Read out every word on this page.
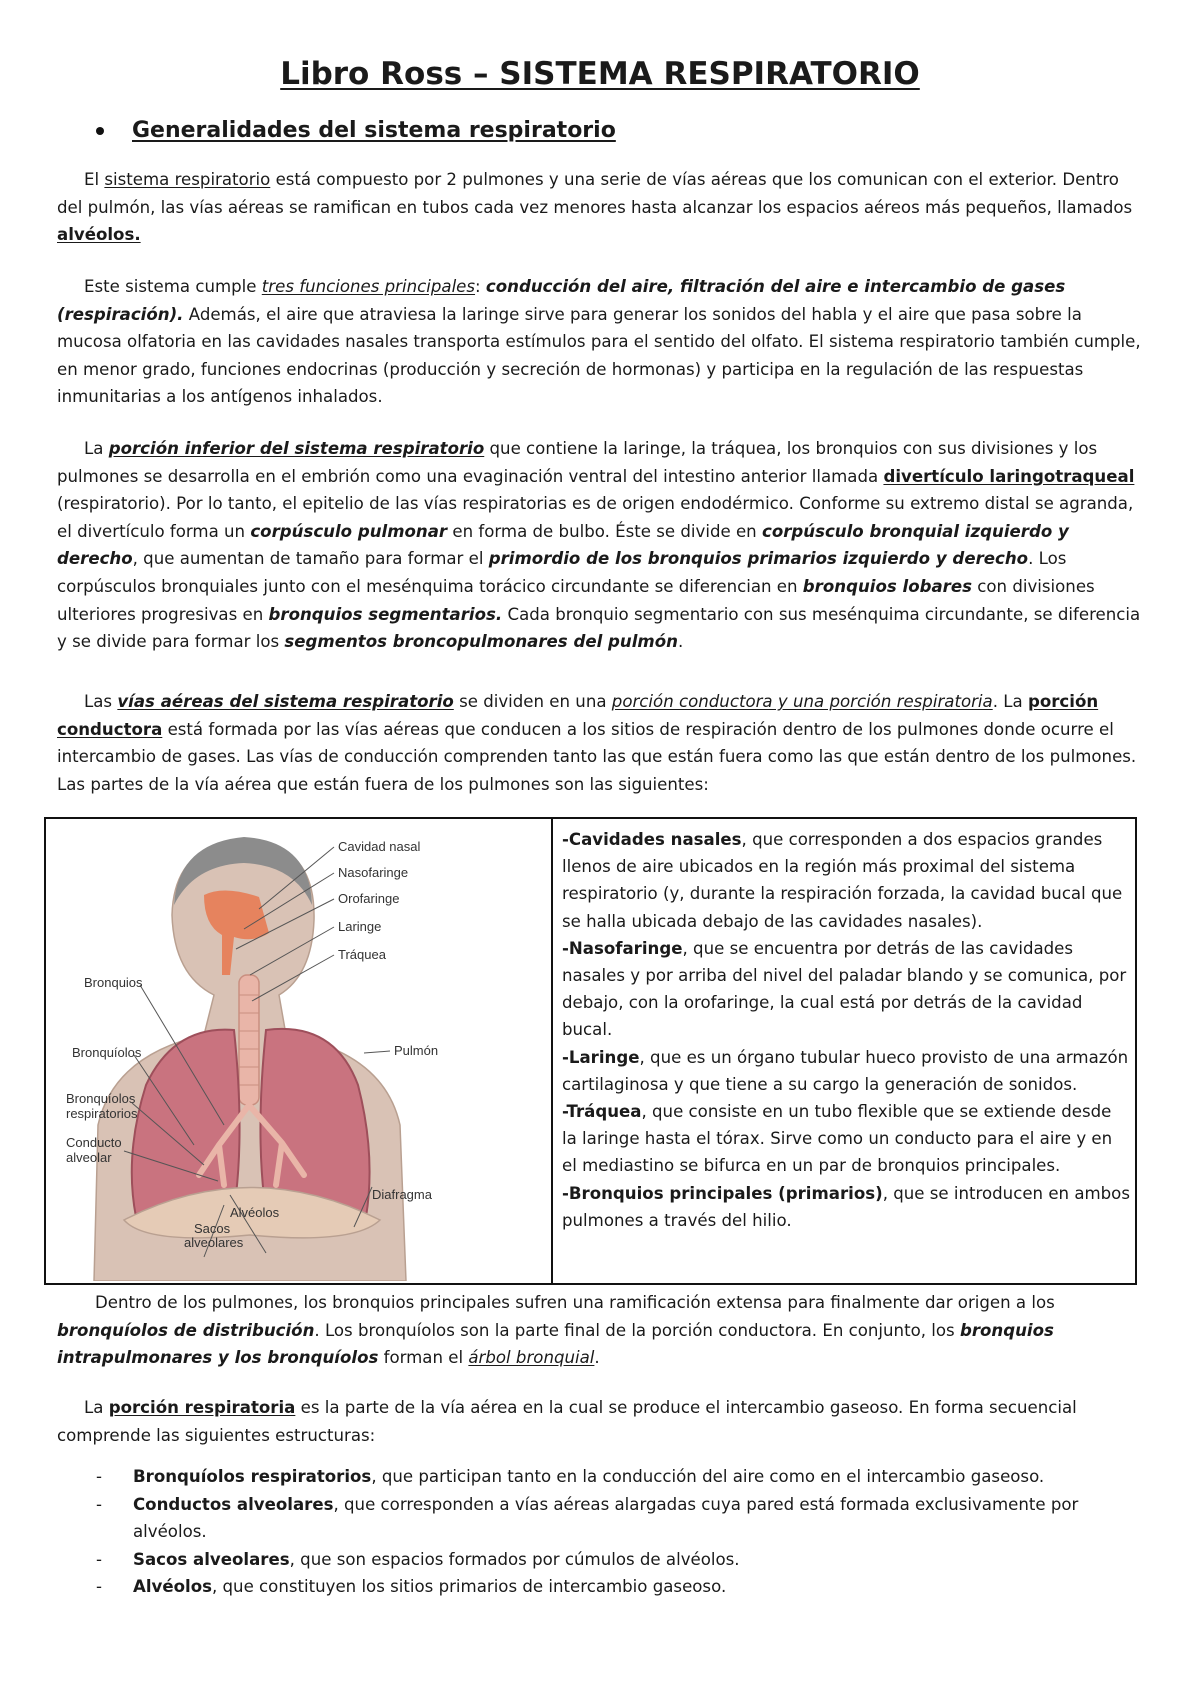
Libro Ross – SISTEMA RESPIRATORIO
Generalidades del sistema respiratorio

El sistema respiratorio está compuesto por 2 pulmones y una serie de vías aéreas que los comunican con el exterior. Dentro del pulmón, las vías aéreas se ramifican en tubos cada vez menores hasta alcanzar los espacios aéreos más pequeños, llamados alvéolos.

Este sistema cumple tres funciones principales: conducción del aire, filtración del aire e intercambio de gases (respiración). Además, el aire que atraviesa la laringe sirve para generar los sonidos del habla y el aire que pasa sobre la mucosa olfatoria en las cavidades nasales transporta estímulos para el sentido del olfato. El sistema respiratorio también cumple, en menor grado, funciones endocrinas (producción y secreción de hormonas) y participa en la regulación de las respuestas inmunitarias a los antígenos inhalados.

La porción inferior del sistema respiratorio que contiene la laringe, la tráquea, los bronquios con sus divisiones y los pulmones se desarrolla en el embrión como una evaginación ventral del intestino anterior llamada divertículo laringotraqueal (respiratorio). Por lo tanto, el epitelio de las vías respiratorias es de origen endodérmico. Conforme su extremo distal se agranda, el divertículo forma un corpúsculo pulmonar en forma de bulbo. Éste se divide en corpúsculo bronquial izquierdo y derecho, que aumentan de tamaño para formar el primordio de los bronquios primarios izquierdo y derecho. Los corpúsculos bronquiales junto con el mesénquima torácico circundante se diferencian en bronquios lobares con divisiones ulteriores progresivas en bronquios segmentarios. Cada bronquio segmentario con sus mesénquima circundante, se diferencia y se divide para formar los segmentos broncopulmonares del pulmón.

Las vías aéreas del sistema respiratorio se dividen en una porción conductora y una porción respiratoria. La porción conductora está formada por las vías aéreas que conducen a los sitios de respiración dentro de los pulmones donde ocurre el intercambio de gases. Las vías de conducción comprenden tanto las que están fuera como las que están dentro de los pulmones. Las partes de la vía aérea que están fuera de los pulmones son las siguientes:

Cavidad nasal
Nasofaringe
Orofaringe
Laringe
Tráquea
Bronquios
Bronquíolos	Pulmón
Bronquíolos
respiratorios
Conducto
alveolar
Diafragma
Alvéolos
Sacos
alveolares

-Cavidades nasales, que corresponden a dos espacios grandes llenos de aire ubicados en la región más proximal del sistema respiratorio (y, durante la respiración forzada, la cavidad bucal que se halla ubicada debajo de las cavidades nasales).
-Nasofaringe, que se encuentra por detrás de las cavidades nasales y por arriba del nivel del paladar blando y se comunica, por debajo, con la orofaringe, la cual está por detrás de la cavidad bucal.
-Laringe, que es un órgano tubular hueco provisto de una armazón cartilaginosa y que tiene a su cargo la generación de sonidos.
-Tráquea, que consiste en un tubo flexible que se extiende desde la laringe hasta el tórax. Sirve como un conducto para el aire y en el mediastino se bifurca en un par de bronquios principales.
-Bronquios principales (primarios), que se introducen en ambos pulmones a través del hilio.

Dentro de los pulmones, los bronquios principales sufren una ramificación extensa para finalmente dar origen a los bronquíolos de distribución. Los bronquíolos son la parte final de la porción conductora. En conjunto, los bronquios intrapulmonares y los bronquíolos forman el árbol bronquial.

La porción respiratoria es la parte de la vía aérea en la cual se produce el intercambio gaseoso. En forma secuencial comprende las siguientes estructuras:

- Bronquíolos respiratorios, que participan tanto en la conducción del aire como en el intercambio gaseoso.
- Conductos alveolares, que corresponden a vías aéreas alargadas cuya pared está formada exclusivamente por alvéolos.
- Sacos alveolares, que son espacios formados por cúmulos de alvéolos.
- Alvéolos, que constituyen los sitios primarios de intercambio gaseoso.
